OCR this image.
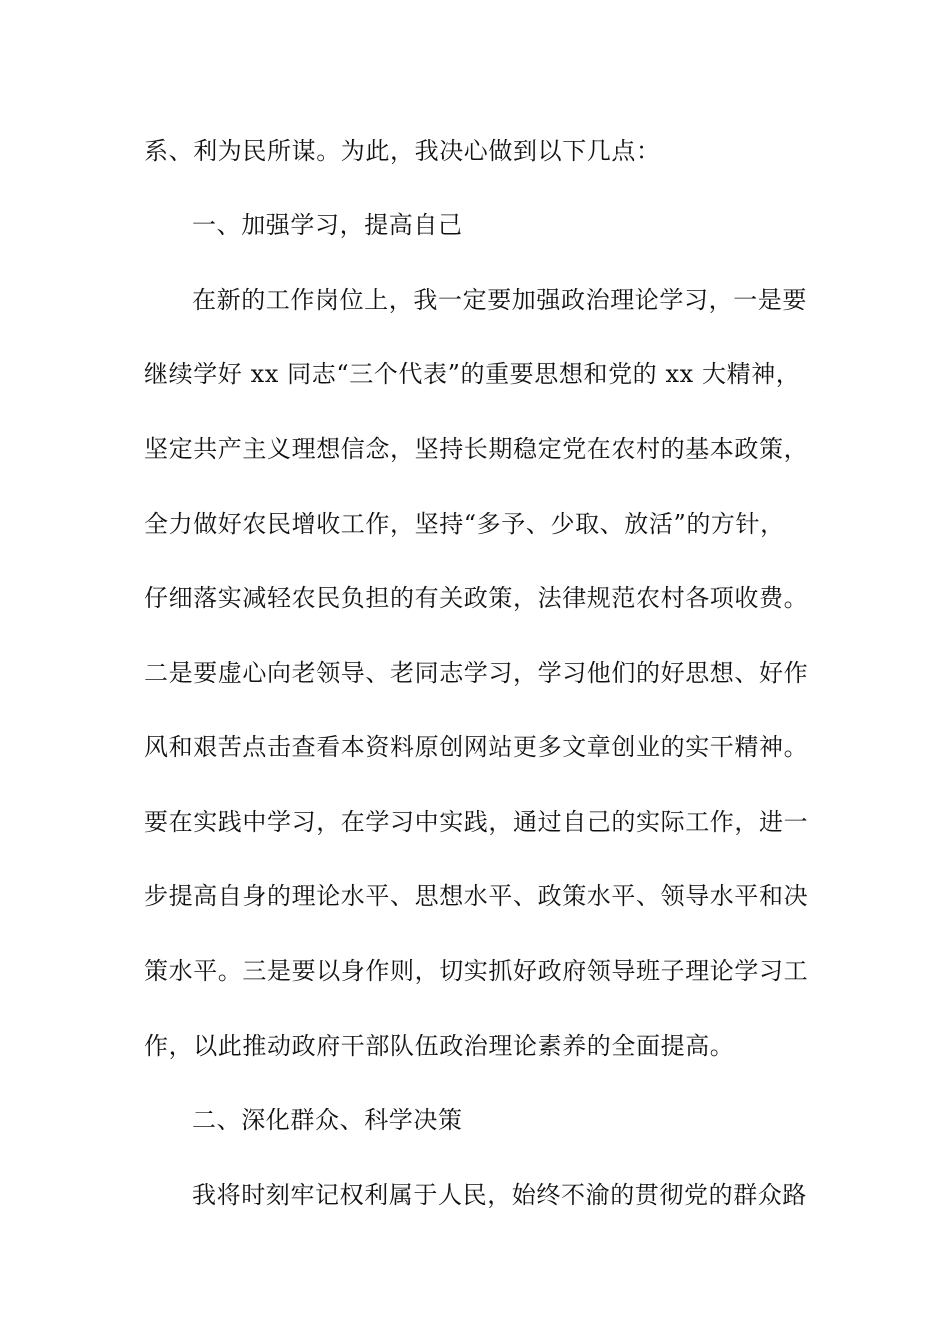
系、利为民所谋。为此，我决心做到以下几点：
一、加强学习，提高自己
在新的工作岗位上，我一定要加强政治理论学习，一是要
继续学好 xx 同志“三个代表”的重要思想和党的 xx 大精神，
坚定共产主义理想信念，坚持长期稳定党在农村的基本政策，
全力做好农民增收工作，坚持“多予、少取、放活”的方针，
仔细落实减轻农民负担的有关政策，法律规范农村各项收费。
二是要虚心向老领导、老同志学习，学习他们的好思想、好作
风和艰苦点击查看本资料原创网站更多文章创业的实干精神。
要在实践中学习，在学习中实践，通过自己的实际工作，进一
步提高自身的理论水平、思想水平、政策水平、领导水平和决
策水平。三是要以身作则，切实抓好政府领导班子理论学习工
作，以此推动政府干部队伍政治理论素养的全面提高。
二、深化群众、科学决策
我将时刻牢记权利属于人民，始终不渝的贯彻党的群众路
